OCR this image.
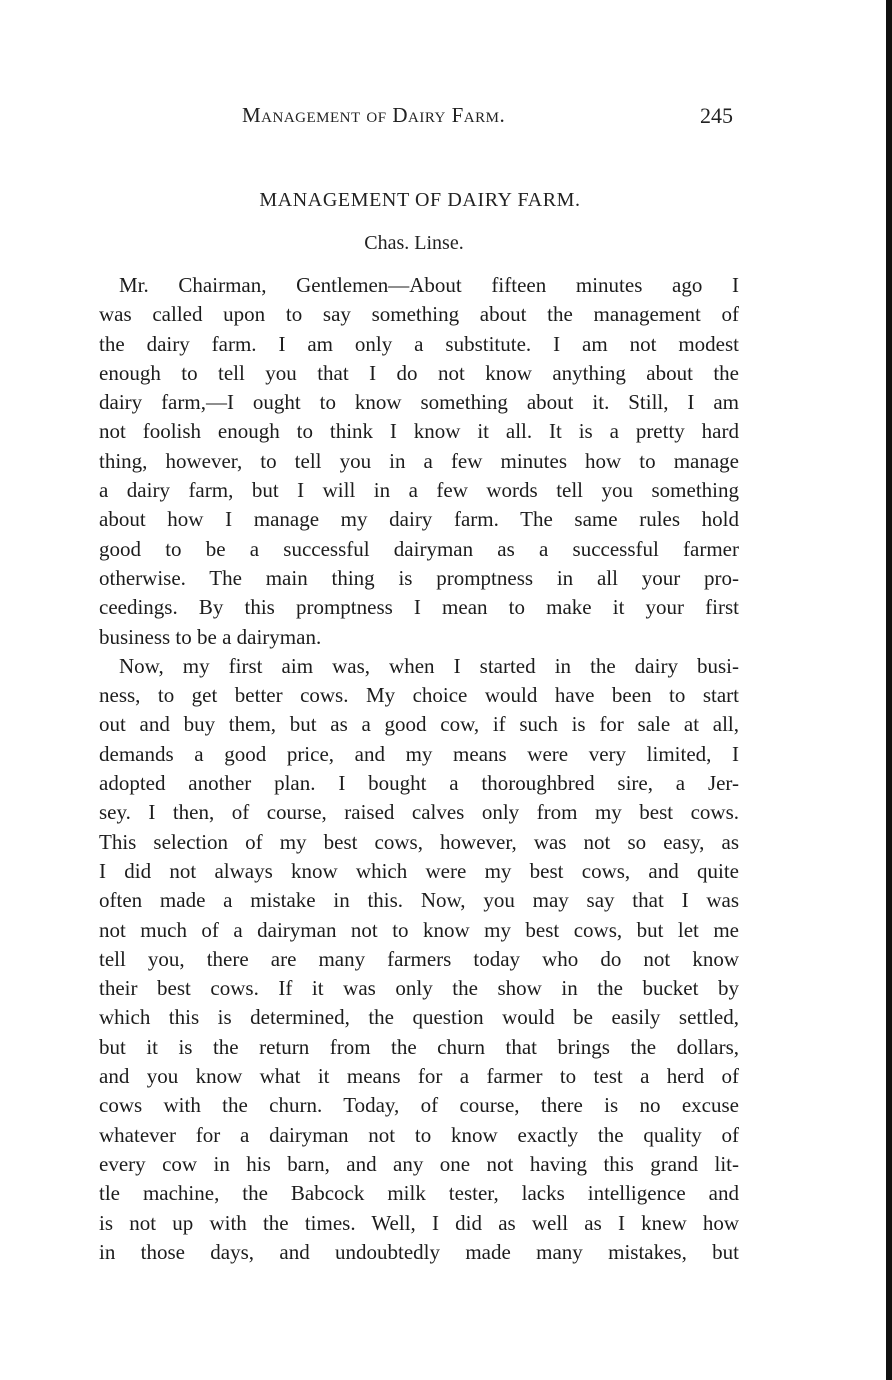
Management of Dairy Farm.	245
MANAGEMENT OF DAIRY FARM.
Chas. Linse.
Mr. Chairman, Gentlemen—About fifteen minutes ago I
was called upon to say something about the management of
the dairy farm. I am only a substitute. I am not modest
enough to tell you that I do not know anything about the
dairy farm,—I ought to know something about it. Still, I am
not foolish enough to think I know it all. It is a pretty hard
thing, however, to tell you in a few minutes how to manage
a dairy farm, but I will in a few words tell you something
about how I manage my dairy farm. The same rules hold
good to be a successful dairyman as a successful farmer
otherwise. The main thing is promptness in all your pro-
ceedings. By this promptness I mean to make it your first
business to be a dairyman.
Now, my first aim was, when I started in the dairy busi-
ness, to get better cows. My choice would have been to start
out and buy them, but as a good cow, if such is for sale at all,
demands a good price, and my means were very limited, I
adopted another plan. I bought a thoroughbred sire, a Jer-
sey. I then, of course, raised calves only from my best cows.
This selection of my best cows, however, was not so easy, as
I did not always know which were my best cows, and quite
often made a mistake in this. Now, you may say that I was
not much of a dairyman not to know my best cows, but let me
tell you, there are many farmers today who do not know
their best cows. If it was only the show in the bucket by
which this is determined, the question would be easily settled,
but it is the return from the churn that brings the dollars,
and you know what it means for a farmer to test a herd of
cows with the churn. Today, of course, there is no excuse
whatever for a dairyman not to know exactly the quality of
every cow in his barn, and any one not having this grand lit-
tle machine, the Babcock milk tester, lacks intelligence and
is not up with the times. Well, I did as well as I knew how
in those days, and undoubtedly made many mistakes, but
